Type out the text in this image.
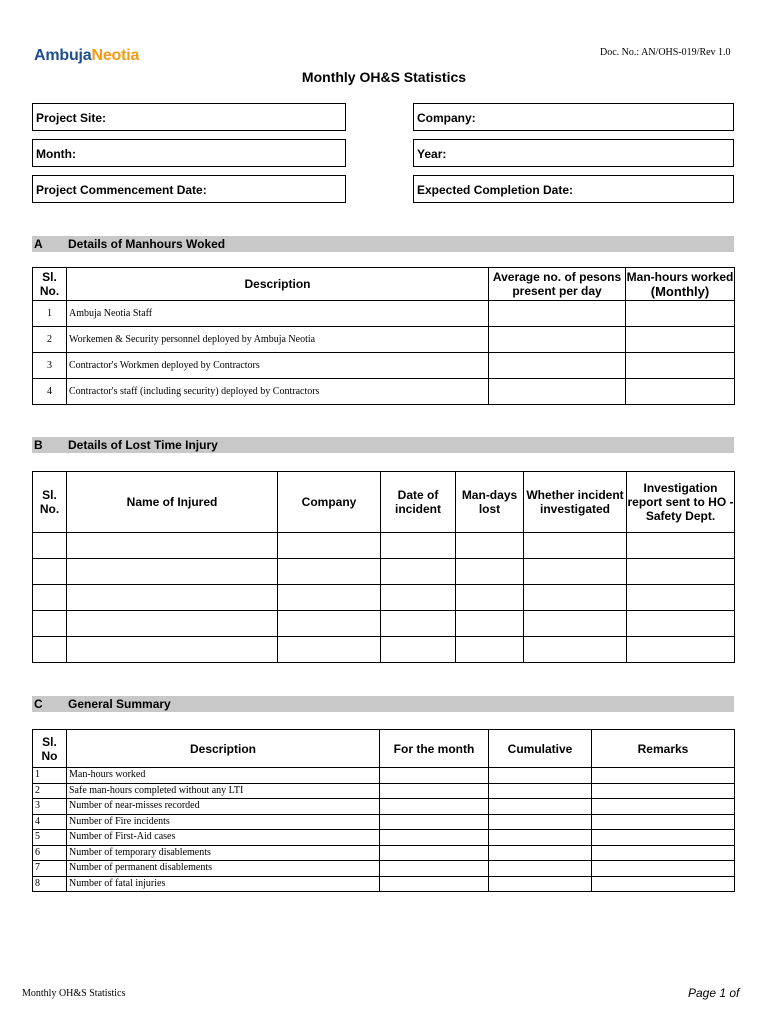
AmbujaNeotia	Doc. No.: AN/OHS-019/Rev 1.0
Monthly OH&S Statistics
Project Site:	Company:
Month:	Year:
Project Commencement Date:	Expected Completion Date:
A Details of Manhours Woked
Sl. No.	Description	Average no. of pesons present per day	Man-hours worked
(Monthly)
1	Ambuja Neotia Staff		
2	Workemen & Security personnel deployed by Ambuja Neotia		
3	Contractor's Workmen deployed by Contractors		
4	Contractor's staff (including security) deployed by Contractors		
B Details of Lost Time Injury
Sl. No.	Name of Injured	Company	Date of incident	Man-days lost	Whether incident investigated	Investigation report sent to HO - Safety Dept.

C General Summary
Sl. No	Description	For the month	Cumulative	Remarks
1	Man-hours worked			
2	Safe man-hours completed without any LTI			
3	Number of near-misses recorded			
4	Number of Fire incidents			
5	Number of First-Aid cases			
6	Number of temporary disablements			
7	Number of permanent disablements			
8	Number of fatal injuries			
Monthly OH&S Statistics	Page 1 of
